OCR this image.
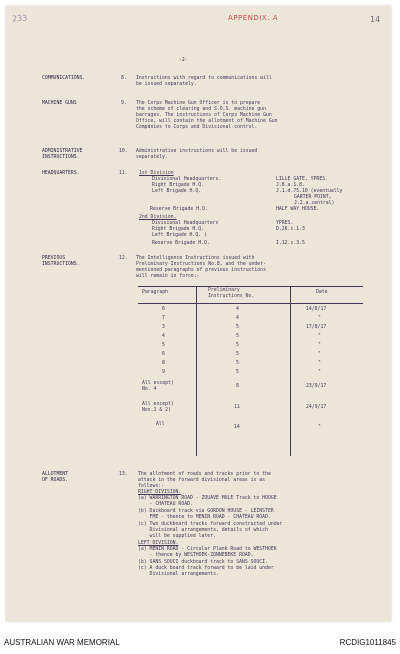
233	APPENDIX. A	14
-2-
COMMUNICATIONS.	8. Instructions with regard to communications will
be issued separately.
MACHINE GUNS	9. The Corps Machine Gun Officer is to prepare
the scheme of clearing and S.O.S. machine gun
barrages. The instructions of Corps Machine Gun
Office, will contain the allotment of Machine Gun
Companies to Corps and Divisional control.
ADMINISTRATIVE
INSTRUCTIONS.
10. Administrative instructions will be issued
separately.
HEADQUARTERS.	11. 1st Division
Divisional Headquarters.	LILLE GATE, YPRES.
Right Brigade H.Q.	J.8.a.1.8.
Left Brigade H.Q.	J.1.d.75.10 (eventually
GARTER POINT,
J.2.a.central)
Reserve Brigade H.Q.	HALF WAY HOUSE.
2nd Division.
Divisional Headquarters	YPRES.
Right Brigade H.Q.	D.26.c.1.3
Left Brigade H.Q. )
Reserve Brigade H.Q.	I.12.c.3.5
PREVIOUS
INSTRUCTIONS.
12. The Intelligence Instructions issued with
Preliminary Instructions No.8, and the under-
mentioned paragraphs of previous instructions
will remain in force:-
Paragraph	Preliminary
Instructions No.
Date
6	4	14/8/17
7	4	"
3	5	17/8/17
4	5	"
5	5	"
6	5	"
8	5	"
9	5	"
All except)
No. 4
8	23/9/17
All except)
Nos.1 & 2)
11	24/9/17
All
14	"
ALLOTMENT
OF ROADS.
13. The allotment of roads and tracks prior to the
attack in the forward divisional areas is as
follows:-
RIGHT DIVISION.
(a) WARRINGTON ROAD - ZOUAVE MULE Track to HOOGE
- CHATEAU ROAD.
(b) Duckboard track via GORDON HOUSE - LEINSTER
FME - thence to MENIN ROAD - CHATEAU ROAD.
(c) Two duckboard tracks forward constructed under
Divisional arrangements, details of which
will be supplied later.
LEFT DIVISION.
(a) MENIN ROAD - Circular Plank Road to WESTHOEK
- thence by WESTHOEK-ZONNEBEKE ROAD.
(b) SANS SOUCI duckboard track to SANS SOUCI.
(c) A duck board track forward to be laid under
Divisional arrangements.
AUSTRALIAN WAR MEMORIAL	RCDIG1011845
